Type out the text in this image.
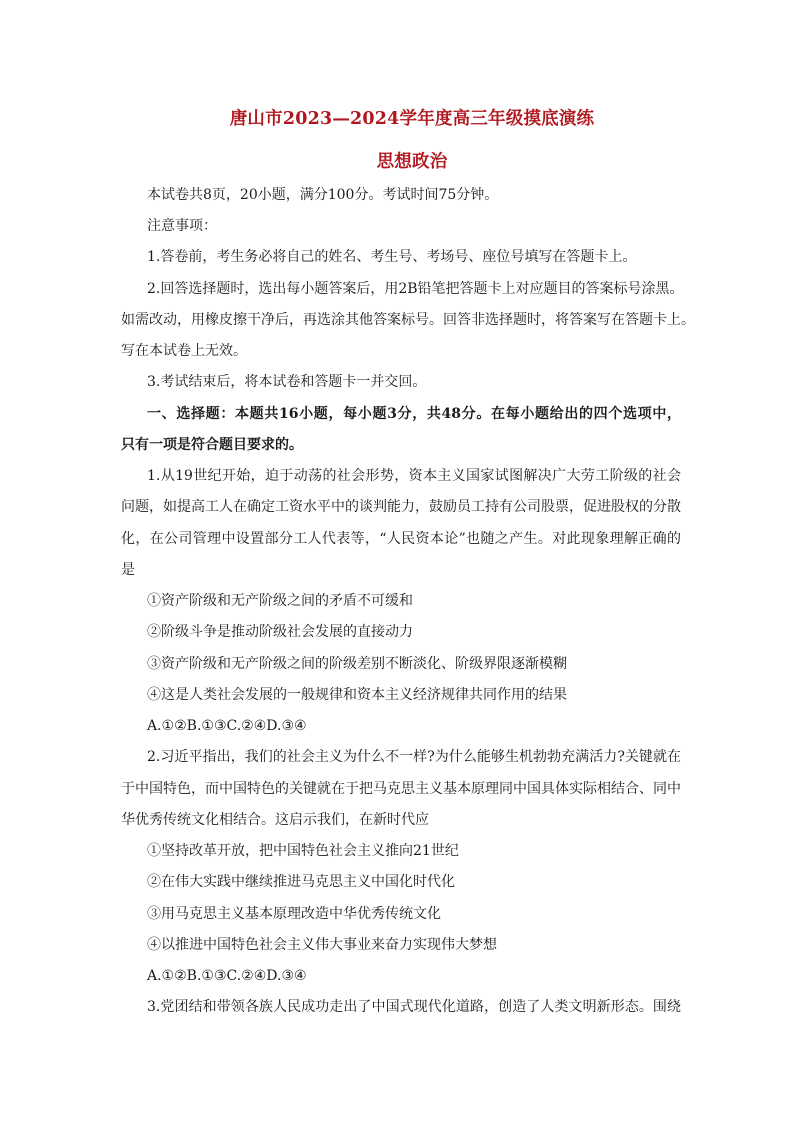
唐山市2023—2024学年度高三年级摸底演练
思想政治
本试卷共8页，20小题，满分100分。考试时间75分钟。
注意事项：
1.答卷前，考生务必将自己的姓名、考生号、考场号、座位号填写在答题卡上。
2.回答选择题时，选出每小题答案后，用2B铅笔把答题卡上对应题目的答案标号涂黑。
如需改动，用橡皮擦干净后，再选涂其他答案标号。回答非选择题时，将答案写在答题卡上。
写在本试卷上无效。
3.考试结束后，将本试卷和答题卡一并交回。
一、选择题：本题共16小题，每小题3分，共48分。在每小题给出的四个选项中，
只有一项是符合题目要求的。
1.从19世纪开始，迫于动荡的社会形势，资本主义国家试图解决广大劳工阶级的社会
问题，如提高工人在确定工资水平中的谈判能力，鼓励员工持有公司股票，促进股权的分散
化，在公司管理中设置部分工人代表等，“人民资本论”也随之产生。对此现象理解正确的
是
①资产阶级和无产阶级之间的矛盾不可缓和
②阶级斗争是推动阶级社会发展的直接动力
③资产阶级和无产阶级之间的阶级差别不断淡化、阶级界限逐渐模糊
④这是人类社会发展的一般规律和资本主义经济规律共同作用的结果
A.①②B.①③C.②④D.③④
2.习近平指出，我们的社会主义为什么不一样?为什么能够生机勃勃充满活力?关键就在
于中国特色，而中国特色的关键就在于把马克思主义基本原理同中国具体实际相结合、同中
华优秀传统文化相结合。这启示我们，在新时代应
①坚持改革开放，把中国特色社会主义推向21世纪
②在伟大实践中继续推进马克思主义中国化时代化
③用马克思主义基本原理改造中华优秀传统文化
④以推进中国特色社会主义伟大事业来奋力实现伟大梦想
A.①②B.①③C.②④D.③④
3.党团结和带领各族人民成功走出了中国式现代化道路，创造了人类文明新形态。围绕
